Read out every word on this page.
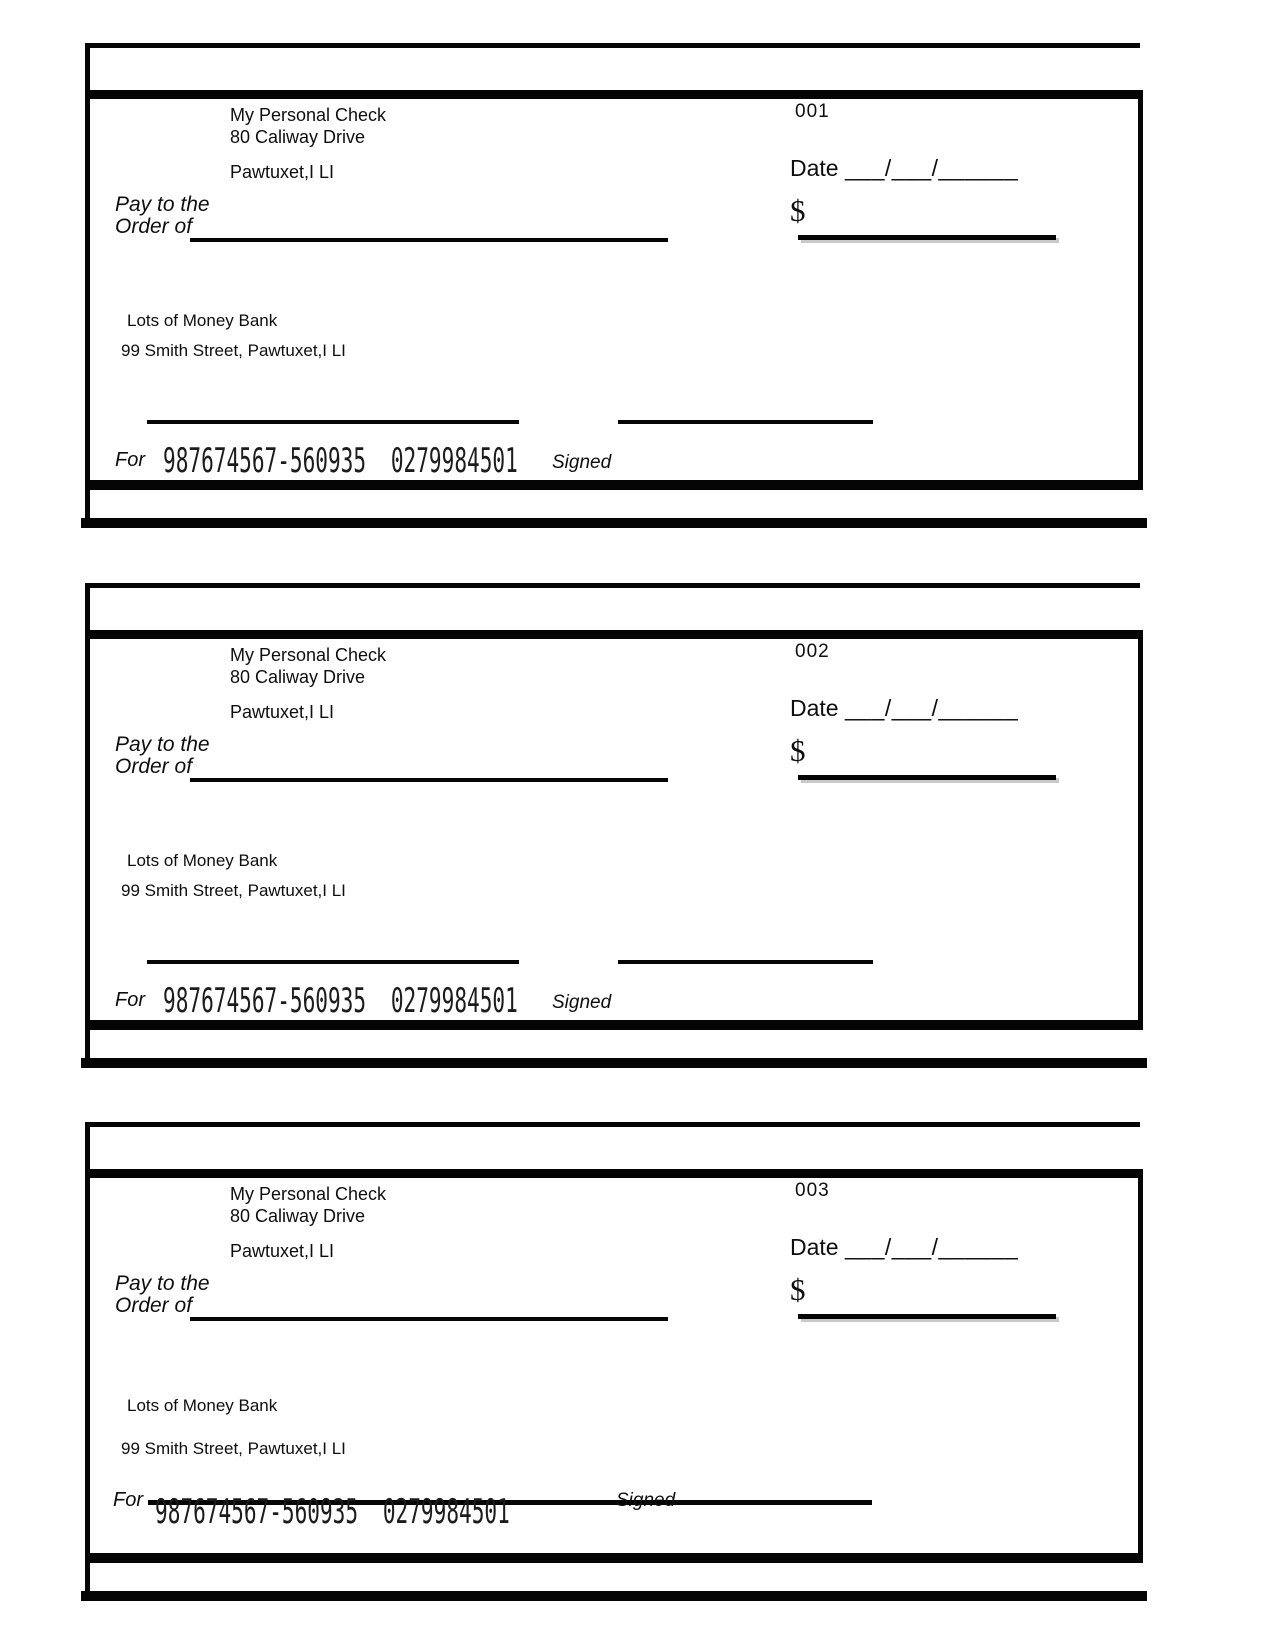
My Personal Check
80 Caliway Drive
Pawtuxet,I LI
001
Date ___/___/______
Pay to the
Order of	$
Lots of Money Bank
99 Smith Street, Pawtuxet,I LI
For 987674567-560935 0279984501	Signed
My Personal Check
80 Caliway Drive
Pawtuxet,I LI
002
Date ___/___/______
Pay to the
Order of	$
Lots of Money Bank
99 Smith Street, Pawtuxet,I LI
For 987674567-560935 0279984501	Signed
My Personal Check
80 Caliway Drive
Pawtuxet,I LI
003
Date ___/___/______
Pay to the
Order of	$
Lots of Money Bank
99 Smith Street, Pawtuxet,I LI
For 987674567-560935 0279984501	Signed
